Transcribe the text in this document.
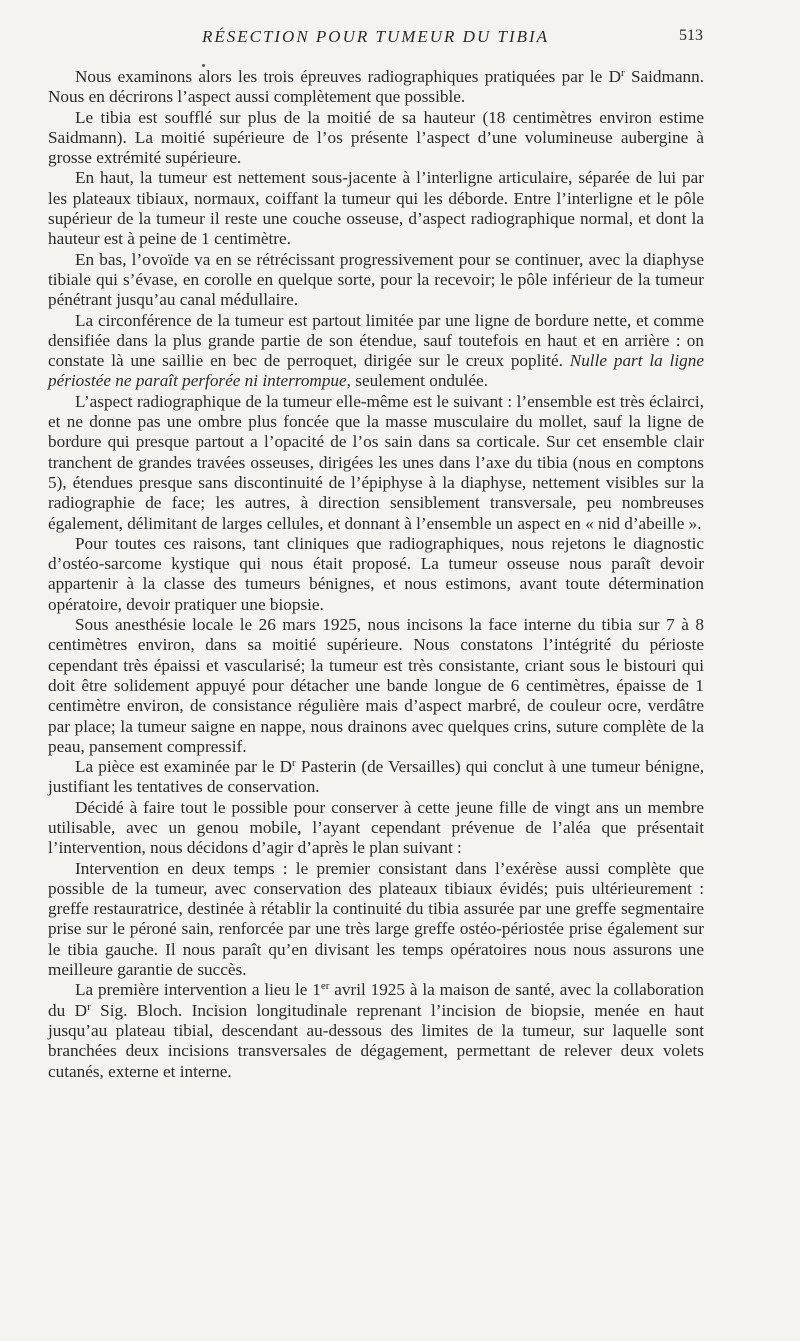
RÉSECTION POUR TUMEUR DU TIBIA	513

Nous examinons alors les trois épreuves radiographiques pratiquées par le $D^r$ Saidmann. Nous en décrirons l’aspect aussi complètement que possible.

Le tibia est soufflé sur plus de la moitié de sa hauteur (18 centimètres environ estime Saidmann). La moitié supérieure de l’os présente l’aspect d’une volumineuse aubergine à grosse extrémité supérieure.

En haut, la tumeur est nettement sous-jacente à l’interligne articulaire, séparée de lui par les plateaux tibiaux, normaux, coiffant la tumeur qui les déborde. Entre l’interligne et le pôle supérieur de la tumeur il reste une couche osseuse, d’aspect radiographique normal, et dont la hauteur est à peine de 1 centimètre.

En bas, l’ovoïde va en se rétrécissant progressivement pour se continuer, avec la diaphyse tibiale qui s’évase, en corolle en quelque sorte, pour la recevoir; le pôle inférieur de la tumeur pénétrant jusqu’au canal médullaire.

La circonférence de la tumeur est partout limitée par une ligne de bordure nette, et comme densifiée dans la plus grande partie de son étendue, sauf toutefois en haut et en arrière : on constate là une saillie en bec de perroquet, dirigée sur le creux poplité. Nulle part la ligne périostée ne paraît perforée ni interrompue, seulement ondulée.

L’aspect radiographique de la tumeur elle-même est le suivant : l’ensemble est très éclairci, et ne donne pas une ombre plus foncée que la masse musculaire du mollet, sauf la ligne de bordure qui presque partout a l’opacité de l’os sain dans sa corticale. Sur cet ensemble clair tranchent de grandes travées osseuses, dirigées les unes dans l’axe du tibia (nous en comptons 5), étendues presque sans discontinuité de l’épiphyse à la diaphyse, nettement visibles sur la radiographie de face; les autres, à direction sensiblement transversale, peu nombreuses également, délimitant de larges cellules, et donnant à l’ensemble un aspect en « nid d’abeille ».

Pour toutes ces raisons, tant cliniques que radiographiques, nous rejetons le diagnostic d’ostéo-sarcome kystique qui nous était proposé. La tumeur osseuse nous paraît devoir appartenir à la classe des tumeurs bénignes, et nous estimons, avant toute détermination opératoire, devoir pratiquer une biopsie.

Sous anesthésie locale le 26 mars 1925, nous incisons la face interne du tibia sur 7 à 8 centimètres environ, dans sa moitié supérieure. Nous constatons l’intégrité du périoste cependant très épaissi et vascularisé; la tumeur est très consistante, criant sous le bistouri qui doit être solidement appuyé pour détacher une bande longue de 6 centimètres, épaisse de 1 centimètre environ, de consistance régulière mais d’aspect marbré, de couleur ocre, verdâtre par place; la tumeur saigne en nappe, nous drainons avec quelques crins, suture complète de la peau, pansement compressif.

La pièce est examinée par le $D^r$ Pasterin (de Versailles) qui conclut à une tumeur bénigne, justifiant les tentatives de conservation.

Décidé à faire tout le possible pour conserver à cette jeune fille de vingt ans un membre utilisable, avec un genou mobile, l’ayant cependant prévenue de l’aléa que présentait l’intervention, nous décidons d’agir d’après le plan suivant :

Intervention en deux temps : le premier consistant dans l’exérèse aussi complète que possible de la tumeur, avec conservation des plateaux tibiaux évidés; puis ultérieurement : greffe restauratrice, destinée à rétablir la continuité du tibia assurée par une greffe segmentaire prise sur le péroné sain, renforcée par une très large greffe ostéo-périostée prise également sur le tibia gauche. Il nous paraît qu’en divisant les temps opératoires nous nous assurons une meilleure garantie de succès.

La première intervention a lieu le 1er avril 1925 à la maison de santé, avec la collaboration du $D^r$ Sig. Bloch. Incision longitudinale reprenant l’incision de biopsie, menée en haut jusqu’au plateau tibial, descendant au-dessous des limites de la tumeur, sur laquelle sont branchées deux incisions transversales de dégagement, permettant de relever deux volets cutanés, externe et interne.
